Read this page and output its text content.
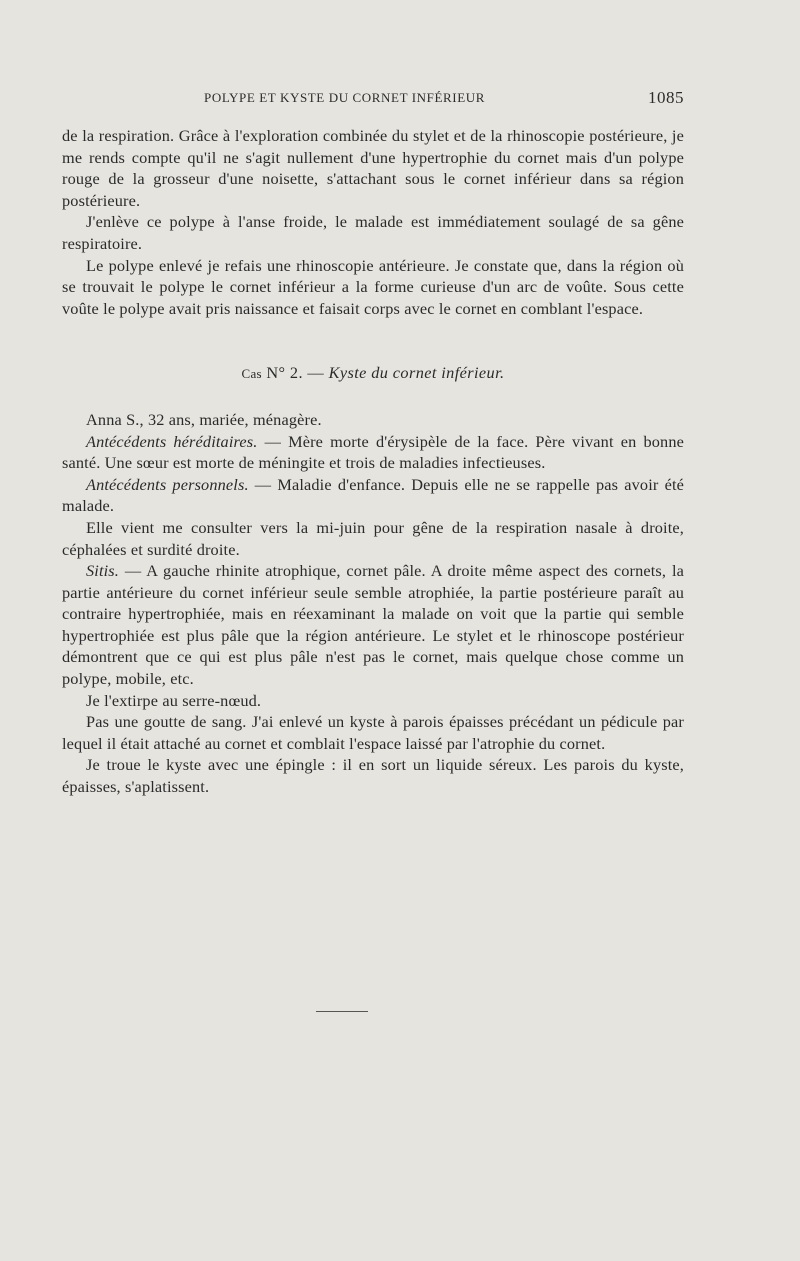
POLYPE ET KYSTE DU CORNET INFÉRIEUR	1085

de la respiration. Grâce à l'exploration combinée du stylet et de la rhinoscopie postérieure, je me rends compte qu'il ne s'agit nullement d'une hypertrophie du cornet mais d'un polype rouge de la grosseur d'une noisette, s'attachant sous le cornet inférieur dans sa région postérieure.

J'enlève ce polype à l'anse froide, le malade est immédiatement soulagé de sa gêne respiratoire.

Le polype enlevé je refais une rhinoscopie antérieure. Je constate que, dans la région où se trouvait le polype le cornet inférieur a la forme curieuse d'un arc de voûte. Sous cette voûte le polype avait pris naissance et faisait corps avec le cornet en comblant l'espace.

Cas N° 2. — Kyste du cornet inférieur.

Anna S., 32 ans, mariée, ménagère.

Antécédents héréditaires. — Mère morte d'érysipèle de la face. Père vivant en bonne santé. Une sœur est morte de méningite et trois de maladies infectieuses.

Antécédents personnels. — Maladie d'enfance. Depuis elle ne se rappelle pas avoir été malade.

Elle vient me consulter vers la mi-juin pour gêne de la respiration nasale à droite, céphalées et surdité droite.

Sitis. — A gauche rhinite atrophique, cornet pâle. A droite même aspect des cornets, la partie antérieure du cornet inférieur seule semble atrophiée, la partie postérieure paraît au contraire hypertrophiée, mais en réexaminant la malade on voit que la partie qui semble hypertrophiée est plus pâle que la région antérieure. Le stylet et le rhinoscope postérieur démontrent que ce qui est plus pâle n'est pas le cornet, mais quelque chose comme un polype, mobile, etc.

Je l'extirpe au serre-nœud.

Pas une goutte de sang. J'ai enlevé un kyste à parois épaisses précédant un pédicule par lequel il était attaché au cornet et comblait l'espace laissé par l'atrophie du cornet.

Je troue le kyste avec une épingle : il en sort un liquide séreux. Les parois du kyste, épaisses, s'aplatissent.
